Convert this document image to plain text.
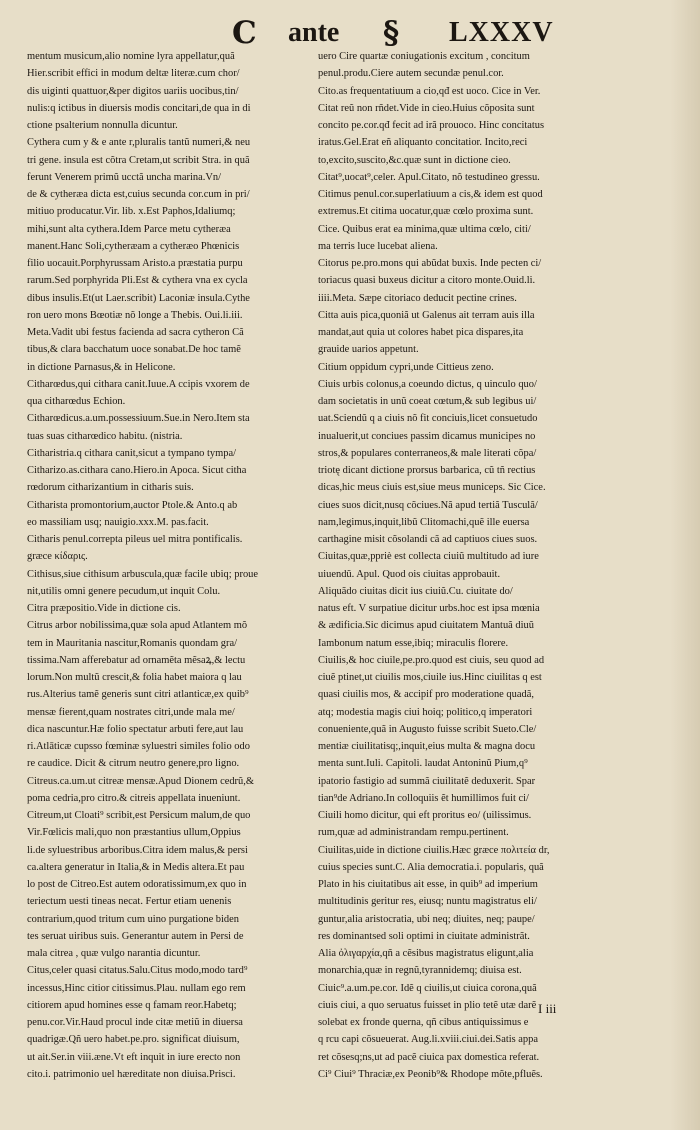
C ante § LXXXV
mentum musicum,alio nomine lyra appellatur,quã
Hier.scribit effici in modum deltæ literæ.cum chor/
dis uiginti quattuor,&per digitos uariis uocibus,tin/
nulis:q ictibus in diuersis modis concitari,de qua in di
ctione psalterium nonnulla dicuntur.
Cythera cum y & e ante r,pluralis tantũ numeri,& neu
tri gene. insula est cõtra Cretam,ut scribit Stra. in quã
ferunt Venerem primũ ucctã uncha marina.Vn/
de & cytheræa dicta est,cuius secunda cor.cum in pri/
mitiuo producatur.Vir. lib. x.Est Paphos,Idaliumq;
mihi,sunt alta cythera.Idem Parce metu cytheræa
manent.Hanc Soli,cytheræam a cytheræo Phœnicis
filio uocauit.Porphyrussam Aristo.a præstatia purpu
rarum.Sed porphyrida Pli.Est & cythera vna ex cycla
dibus insulis.Et(ut Laer.scribit) Laconiæ insula.Cythe
ron uero mons Bœotiæ nõ longe a Thebis. Oui.li.iii.
Meta.Vadit ubi festus facienda ad sacra cytheron Cã
tibus,& clara bacchatum uoce sonabat.De hoc tamẽ
in dictione Parnasus,& in Helicone.
Citharœdus,qui cithara canit.Iuue.A ccipis vxorem de
qua citharœdus Echion.
Citharœdicus.a.um.possessiuum.Sue.in Nero.Item sta
tuas suas citharœdico habitu. (nistria.
Citharistria.q cithara canit,sicut a tympano tympa/
Citharizo.as.cithara cano.Hiero.in Apoca. Sicut citha
rœdorum citharizantium in citharis suis.
Citharista promontorium,auctor Ptole.& Anto.q ab
eo massiliam usq; nauigio.xxx.M. pas.facit.
Citharis penul.correpta pileus uel mitra pontificalis.
græce κίδαρις.
Cithisus,siue cithisum arbuscula,quæ facile ubiq; proue
nit,utilis omni genere pecudum,ut inquit Colu.
Citra præpositio.Vide in dictione cis.
Citrus arbor nobilissima,quæ sola apud Atlantem mõ
tem in Mauritania nascitur,Romanis quondam gra/
tissima.Nam afferebatur ad ornamẽta mẽsaꝝ,& lectu
lorum.Non multũ crescit,& folia habet maiora q lau
rus.Alterius tamẽ generis sunt citri atlanticæ,ex quib⁹
mensæ fierent,quam nostrates citri,unde mala me/
dica nascuntur.Hæ folio spectatur arbuti fere,aut lau
ri.Atlāticæ cupsso fœminæ syluestri similes folio odo
re caudice. Dicit & citrum neutro genere,pro ligno.
Citreus.ca.um.ut citreæ mensæ.Apud Dionem cedrũ,&
poma cedria,pro citro.& citreis appellata inueniunt.
Citreum,ut Cloati⁹ scribit,est Persicum malum,de quo
Vir.Fœlicis mali,quo non præstantius ullum,Oppius
li.de syluestribus arboribus.Citra idem malus,& persi
ca.altera generatur in Italia,& in Medis altera.Et pau
lo post de Citreo.Est autem odoratissimum,ex quo in
teriectum uesti tineas necat. Fertur etiam uenenis
contrarium,quod tritum cum uino purgatione biden
tes seruat uiribus suis. Generantur autem in Persi de
mala citrea , quæ vulgo narantia dicuntur.
Citus,celer quasi citatus.Salu.Citus modo,modo tard⁹
incessus,Hinc citior citissimus.Plau. nullam ego rem
citiorem apud homines esse q famam reor.Habetq;
penu.cor.Vir.Haud procul inde citæ metiũ in diuersa
quadrigæ.Qñ uero habet.pe.pro. significat diuisum,
ut ait.Ser.in viii.æne.Vt eft inquit in iure erecto non
cito.i. patrimonio uel hæreditate non diuisa.Prisci.
uero Cire quartæ coniugationis excitum , concitum
penul.produ.Ciere autem secundæ penul.cor.
Cito.as frequentatiuum a cio,qđ est uoco. Cice in Ver.
Citat reũ non rñdet.Vide in cieo.Huius cõposita sunt
concito pe.cor.qđ fecit ad irã prouoco. Hinc concitatus
iratus.Gel.Erat eñ aliquanto concitatior. Incito,reci
to,excito,suscito,&c.quæ sunt in dictione cieo.
Citat⁹,uocat⁹,celer. Apul.Citato, nõ testudineo gressu.
Citimus penul.cor.superlatiuum a cis,& idem est quod
extremus.Et citima uocatur,quæ cœlo proxima sunt.
Cice. Quibus erat ea minima,quæ ultima cœlo, citi/
ma terris luce lucebat aliena.
Citorus pe.pro.mons qui abũdat buxis. Inde pecten ci/
toriacus quasi buxeus dicitur a citoro monte.Ouid.li.
iiii.Meta. Sæpe citoriaco deducit pectine crines.
Citta auis pica,quoniã ut Galenus ait terram auis illa
mandat,aut quia ut colores habet pica dispares,ita
grauide uarios appetunt.
Citium oppidum cypri,unde Cittieus zeno.
Ciuis urbis colonus,a coeundo dictus, q uinculo quo/
dam societatis in unũ coeat cœtum,& sub legibus ui/
uat.Sciendũ q a ciuis nõ fit conciuis,licet consuetudo
inualuerit,ut conciues passim dicamus municipes no
stros,& populares conterraneos,& male literati cõpa/
triotę dicant dictione prorsus barbarica, cũ tñ rectius
dicas,hic meus ciuis est,siue meus municeps. Sic Cice.
ciues suos dicit,nusq cõciues.Nã apud tertiã Tusculã/
nam,legimus,inquit,libũ Clitomachi,quẽ ille euersa
carthagine misit cõsolandi cã ad captiuos ciues suos.
Ciuitas,quæ,ppriè est collecta ciuiũ multitudo ad iure
uiuendũ. Apul. Quod ois ciuitas approbauit.
Aliquãdo ciuitas dicit ius ciuiũ.Cu. ciuitate do/
natus eft. V surpatiue dicitur urbs.hoc est ipsa mœnia
& ædificia.Sic dicimus apud ciuitatem Mantuã diuũ
Iambonum natum esse,ibiq; miraculis florere.
Ciuilis,& hoc ciuile,pe.pro.quod est ciuis, seu quod ad
ciuẽ ptinet,ut ciuilis mos,ciuile ius.Hinc ciuilitas q est
quasi ciuilis mos, & accipif pro moderatione quadã,
atq; modestia magis ciui hoiq; politico,q imperatori
conueniente,quã in Augusto fuisse scribit Sueto.Cle/
mentiæ ciuilitatisq;,inquit,eius multa & magna docu
menta sunt.Iuli. Capitoli. laudat Antoninũ Pium,q⁹
ipatorio fastigio ad summã ciuilitatẽ deduxerit. Spar
tian⁹de Adriano.In colloquiis ẽt humillimos fuit ci/
Ciuili homo dicitur, qui eft proritus eo/ (uilissimus.
rum,quæ ad administrandam rempu.pertinent.
Ciuilitas,uide in dictione ciuilis.Hæc græce πολιτεία dr,
cuius species sunt.C. Alia democratia.i. popularis, quã
Plato in his ciuitatibus ait esse, in quib⁹ ad imperium
multitudinis geritur res, eiusq; nuntu magistratus eli/
guntur,alia aristocratia, ubi neq; diuites, neq; paupe/
res dominantsed soli optimi in ciuitate administrãt.
Alia ὀλιγαρχία,qñ a cẽsibus magistratus eligunt,alia
monarchia,quæ in regnũ,tyrannidemq; diuisa est.
Ciuic⁹.a.um.pe.cor. Idẽ q ciuilis,ut ciuica corona,quã
ciuis ciui, a quo seruatus fuisset in plio tetẽ utæ darẽ
solebat ex fronde querna, qñ cibus antiquissimus e
q rcu capi cõsueuerat. Aug.li.xviii.ciui.dei.Satis appa
ret cõsesq;ns,ut ad pacẽ ciuica pax domestica referat.
Ci⁹ Ciui⁹ Thraciæ,ex Peonib⁹& Rhodope mõte,pfluẽs.
I iii
